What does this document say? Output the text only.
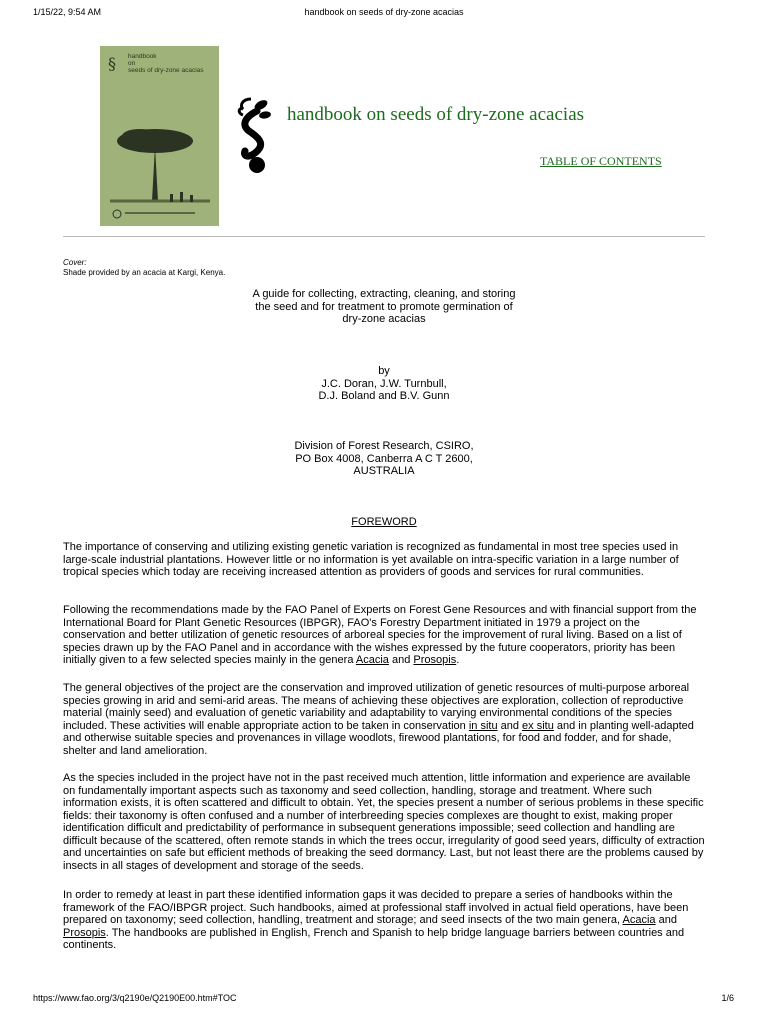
1/15/22, 9:54 AM	handbook on seeds of dry-zone acacias
§ handbook
on
seeds of dry-zone acacias
handbook on seeds of dry-zone acacias
TABLE OF CONTENTS
Cover:
Shade provided by an acacia at Kargi, Kenya.
A guide for collecting, extracting, cleaning, and storing
the seed and for treatment to promote germination of
dry-zone acacias
by
J.C. Doran, J.W. Turnbull,
D.J. Boland and B.V. Gunn
Division of Forest Research, CSIRO,
PO Box 4008, Canberra A C T 2600,
AUSTRALIA
FOREWORD

The importance of conserving and utilizing existing genetic variation is recognized as fundamental in most tree species used in large-scale industrial plantations. However little or no information is yet available on intra-specific variation in a large number of tropical species which today are receiving increased attention as providers of goods and services for rural communities.

Following the recommendations made by the FAO Panel of Experts on Forest Gene Resources and with financial support from the International Board for Plant Genetic Resources (IBPGR), FAO's Forestry Department initiated in 1979 a project on the conservation and better utilization of genetic resources of arboreal species for the improvement of rural living. Based on a list of species drawn up by the FAO Panel and in accordance with the wishes expressed by the future cooperators, priority has been initially given to a few selected species mainly in the genera Acacia and Prosopis.

The general objectives of the project are the conservation and improved utilization of genetic resources of multi-purpose arboreal species growing in arid and semi-arid areas. The means of achieving these objectives are exploration, collection of reproductive material (mainly seed) and evaluation of genetic variability and adaptability to varying environmental conditions of the species included. These activities will enable appropriate action to be taken in conservation in situ and ex situ and in planting well-adapted and otherwise suitable species and provenances in village woodlots, firewood plantations, for food and fodder, and for shade, shelter and land amelioration.

As the species included in the project have not in the past received much attention, little information and experience are available on fundamentally important aspects such as taxonomy and seed collection, handling, storage and treatment. Where such information exists, it is often scattered and difficult to obtain. Yet, the species present a number of serious problems in these specific fields: their taxonomy is often confused and a number of interbreeding species complexes are thought to exist, making proper identification difficult and predictability of performance in subsequent generations impossible; seed collection and handling are difficult because of the scattered, often remote stands in which the trees occur, irregularity of good seed years, difficulty of extraction and uncertainties on safe but efficient methods of breaking the seed dormancy. Last, but not least there are the problems caused by insects in all stages of development and storage of the seeds.

In order to remedy at least in part these identified information gaps it was decided to prepare a series of handbooks within the framework of the FAO/IBPGR project. Such handbooks, aimed at professional staff involved in actual field operations, have been prepared on taxonomy; seed collection, handling, treatment and storage; and seed insects of the two main genera, Acacia and Prosopis. The handbooks are published in English, French and Spanish to help bridge language barriers between countries and continents.

https://www.fao.org/3/q2190e/Q2190E00.htm#TOC	1/6
